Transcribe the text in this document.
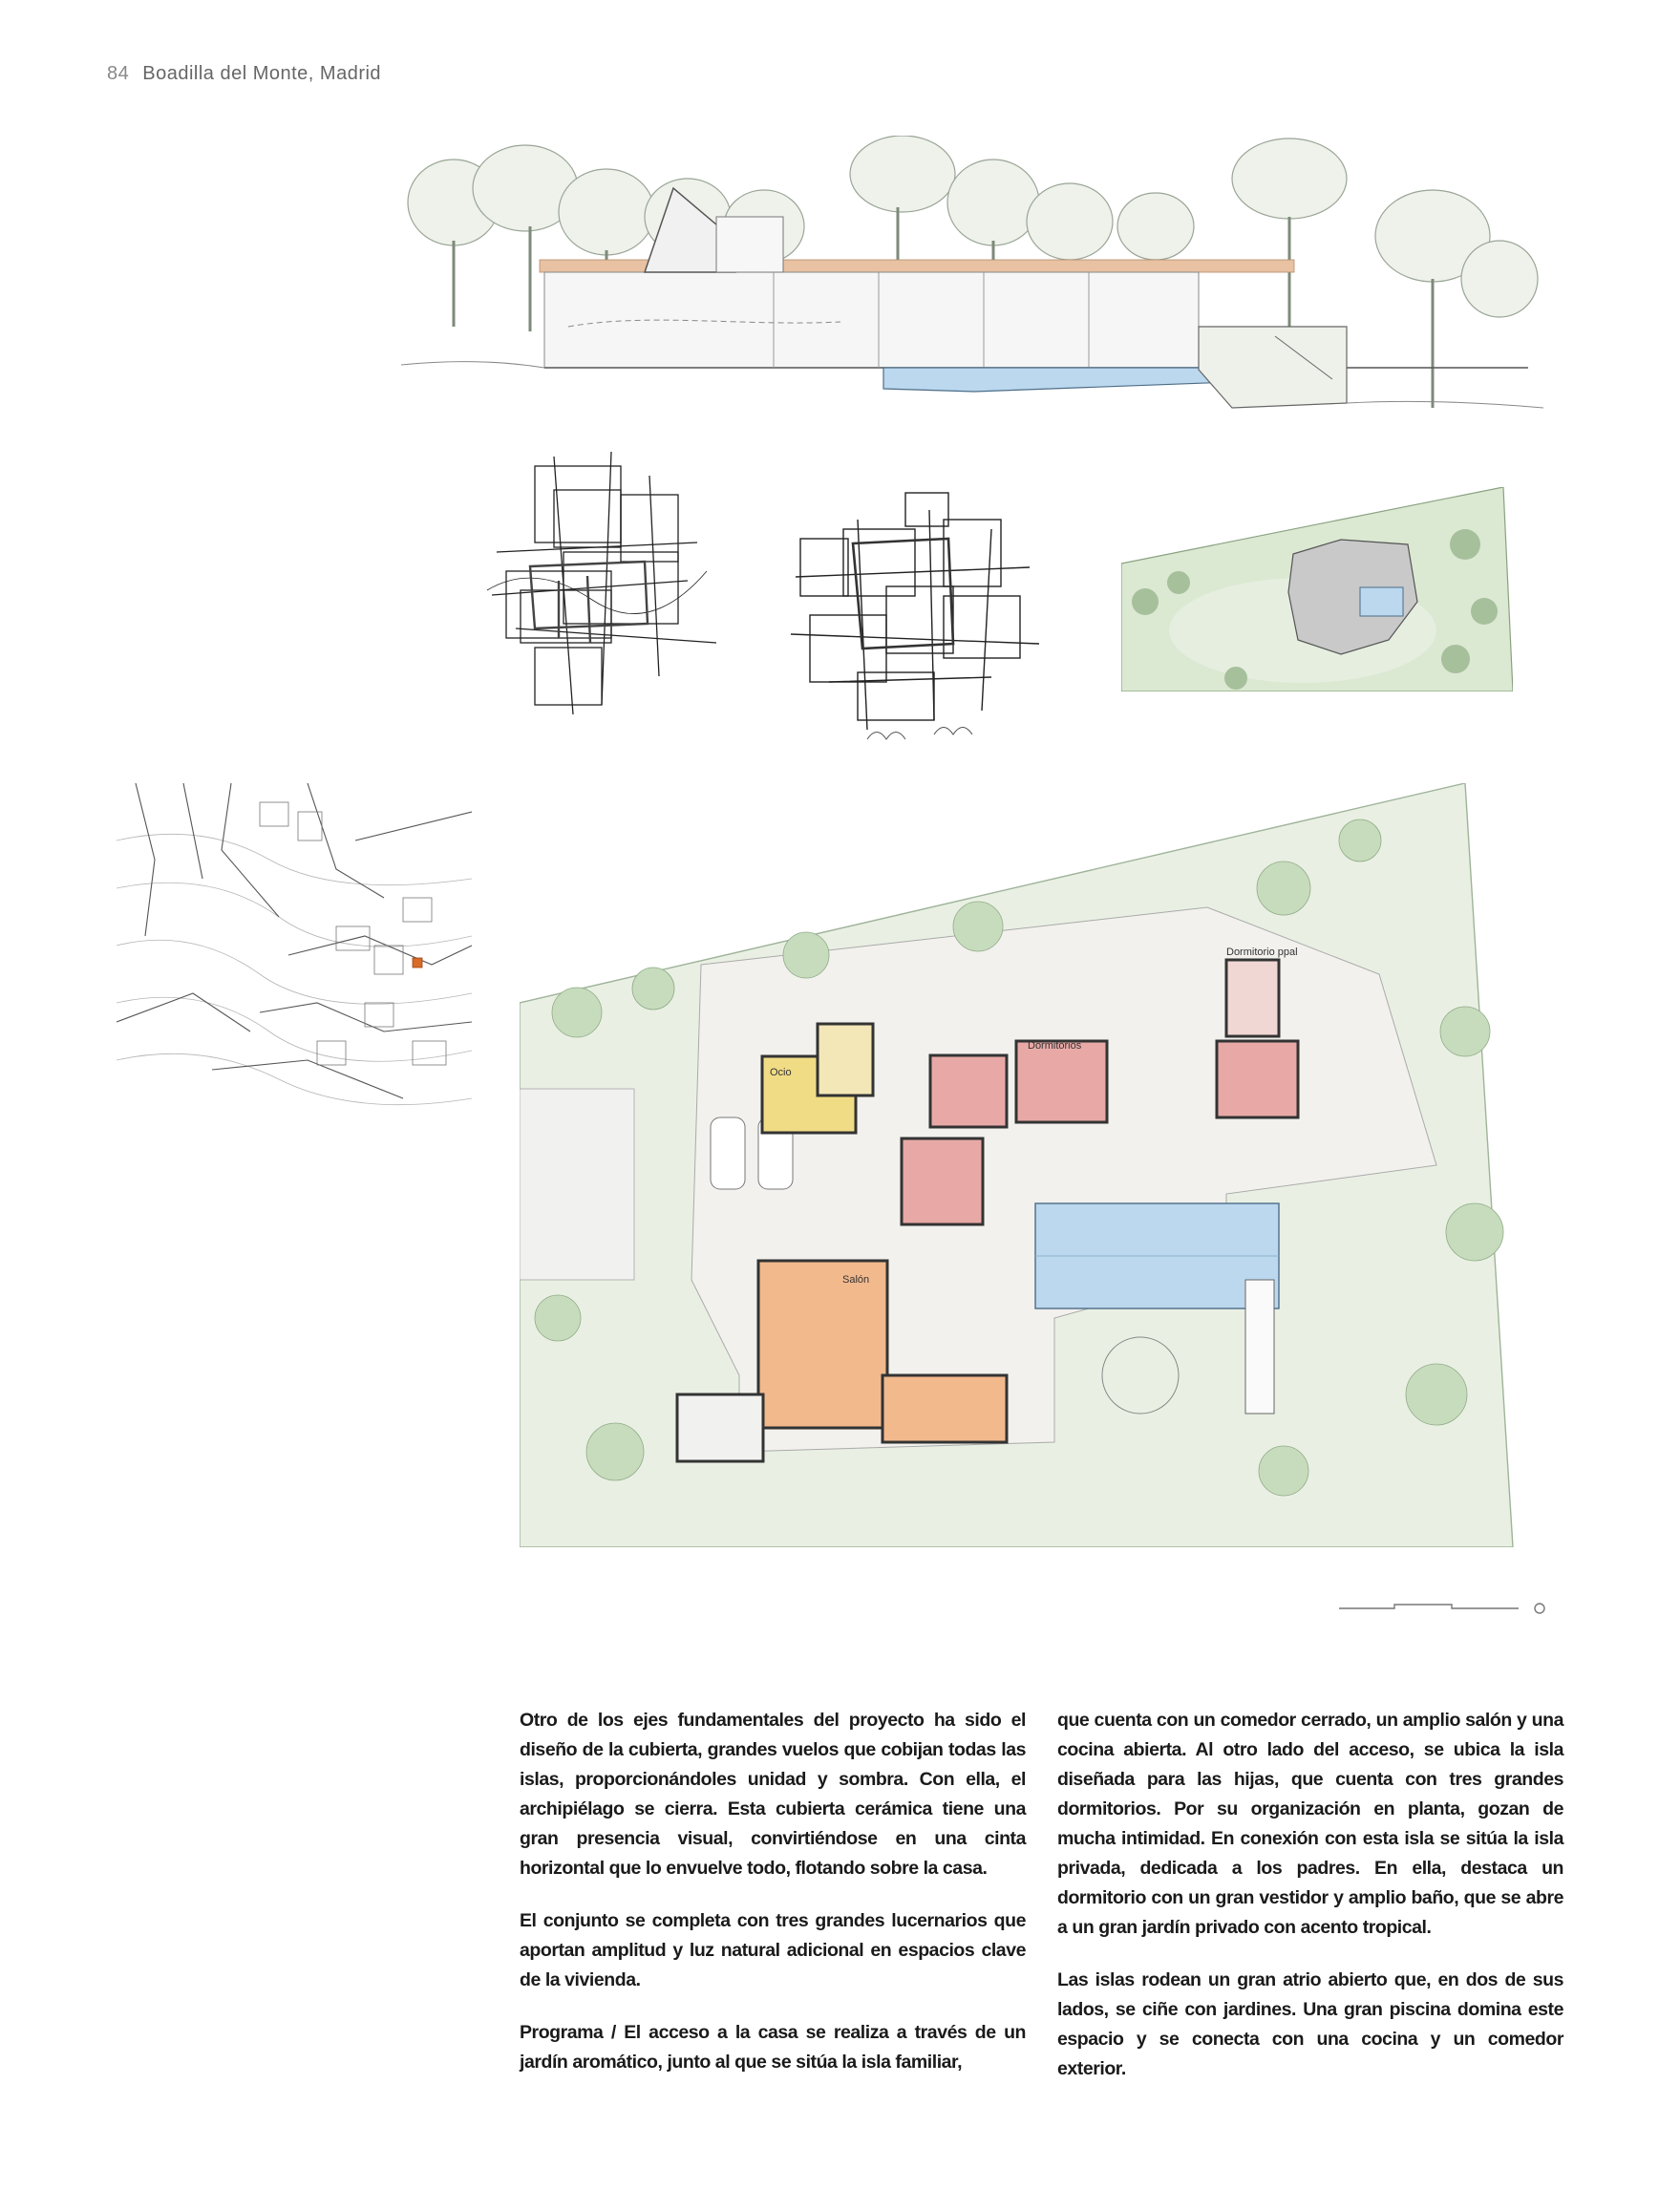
84 Boadilla del Monte, Madrid
Ocio
Dormitorios
Dormitorio ppal
Salón

Otro de los ejes fundamentales del proyecto ha sido el diseño de la cubierta, grandes vuelos que cobijan todas las islas, proporcionándoles unidad y sombra. Con ella, el archipiélago se cierra. Esta cubierta cerámica tiene una gran presencia visual, convirtiéndose en una cinta horizontal que lo envuelve todo, flotando sobre la casa.

El conjunto se completa con tres grandes lucernarios que aportan amplitud y luz natural adicional en espacios clave de la vivienda.

Programa / El acceso a la casa se realiza a través de un jardín aromático, junto al que se sitúa la isla familiar,

que cuenta con un comedor cerrado, un amplio salón y una cocina abierta. Al otro lado del acceso, se ubica la isla diseñada para las hijas, que cuenta con tres grandes dormitorios. Por su organización en planta, gozan de mucha intimidad. En conexión con esta isla se sitúa la isla privada, dedicada a los padres. En ella, destaca un dormitorio con un gran vestidor y amplio baño, que se abre a un gran jardín privado con acento tropical.

Las islas rodean un gran atrio abierto que, en dos de sus lados, se ciñe con jardines. Una gran piscina domina este espacio y se conecta con una cocina y un comedor exterior.
